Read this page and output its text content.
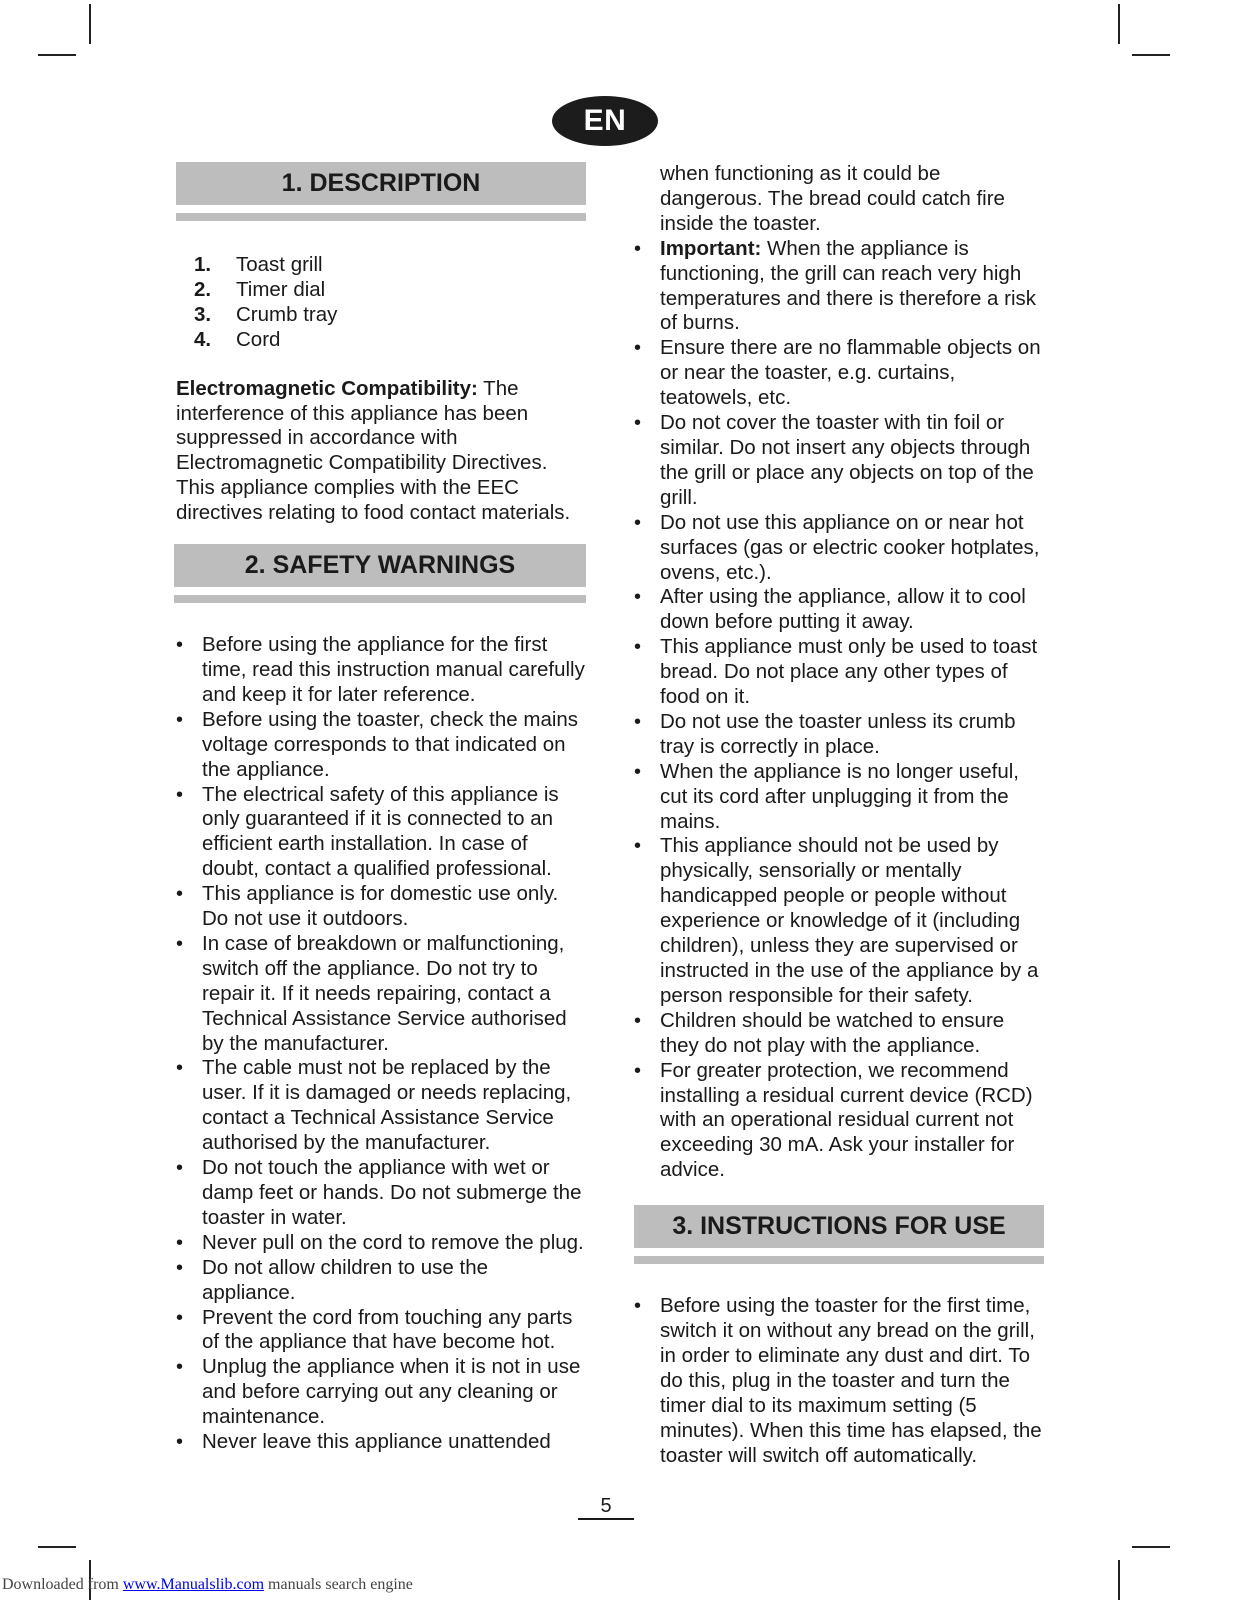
EN
1. DESCRIPTION
1.	Toast grill
2.	Timer dial
3.	Crumb tray
4.	Cord

Electromagnetic Compatibility: The interference of this appliance has been suppressed in accordance with Electromagnetic Compatibility Directives. This appliance complies with the EEC directives relating to food contact materials.

2. SAFETY WARNINGS
• Before using the appliance for the first time, read this instruction manual carefully and keep it for later reference.
• Before using the toaster, check the mains voltage corresponds to that indicated on the appliance.
• The electrical safety of this appliance is only guaranteed if it is connected to an efficient earth installation. In case of doubt, contact a qualified professional.
• This appliance is for domestic use only. Do not use it outdoors.
• In case of breakdown or malfunctioning, switch off the appliance. Do not try to repair it. If it needs repairing, contact a Technical Assistance Service authorised by the manufacturer.
• The cable must not be replaced by the user. If it is damaged or needs replacing, contact a Technical Assistance Service authorised by the manufacturer.
• Do not touch the appliance with wet or damp feet or hands. Do not submerge the toaster in water.
• Never pull on the cord to remove the plug.
• Do not allow children to use the appliance.
• Prevent the cord from touching any parts of the appliance that have become hot.
• Unplug the appliance when it is not in use and before carrying out any cleaning or maintenance.
• Never leave this appliance unattended
when functioning as it could be dangerous. The bread could catch fire inside the toaster.
• Important: When the appliance is functioning, the grill can reach very high temperatures and there is therefore a risk of burns.
• Ensure there are no flammable objects on or near the toaster, e.g. curtains, teatowels, etc.
• Do not cover the toaster with tin foil or similar. Do not insert any objects through the grill or place any objects on top of the grill.
• Do not use this appliance on or near hot surfaces (gas or electric cooker hotplates, ovens, etc.).
• After using the appliance, allow it to cool down before putting it away.
• This appliance must only be used to toast bread. Do not place any other types of food on it.
• Do not use the toaster unless its crumb tray is correctly in place.
• When the appliance is no longer useful, cut its cord after unplugging it from the mains.
• This appliance should not be used by physically, sensorially or mentally handicapped people or people without experience or knowledge of it (including children), unless they are supervised or instructed in the use of the appliance by a person responsible for their safety.
• Children should be watched to ensure they do not play with the appliance.
• For greater protection, we recommend installing a residual current device (RCD) with an operational residual current not exceeding 30 mA. Ask your installer for advice.
3. INSTRUCTIONS FOR USE
• Before using the toaster for the first time, switch it on without any bread on the grill, in order to eliminate any dust and dirt. To do this, plug in the toaster and turn the timer dial to its maximum setting (5 minutes). When this time has elapsed, the toaster will switch off automatically.
5
Downloaded from www.Manualslib.com manuals search engine
